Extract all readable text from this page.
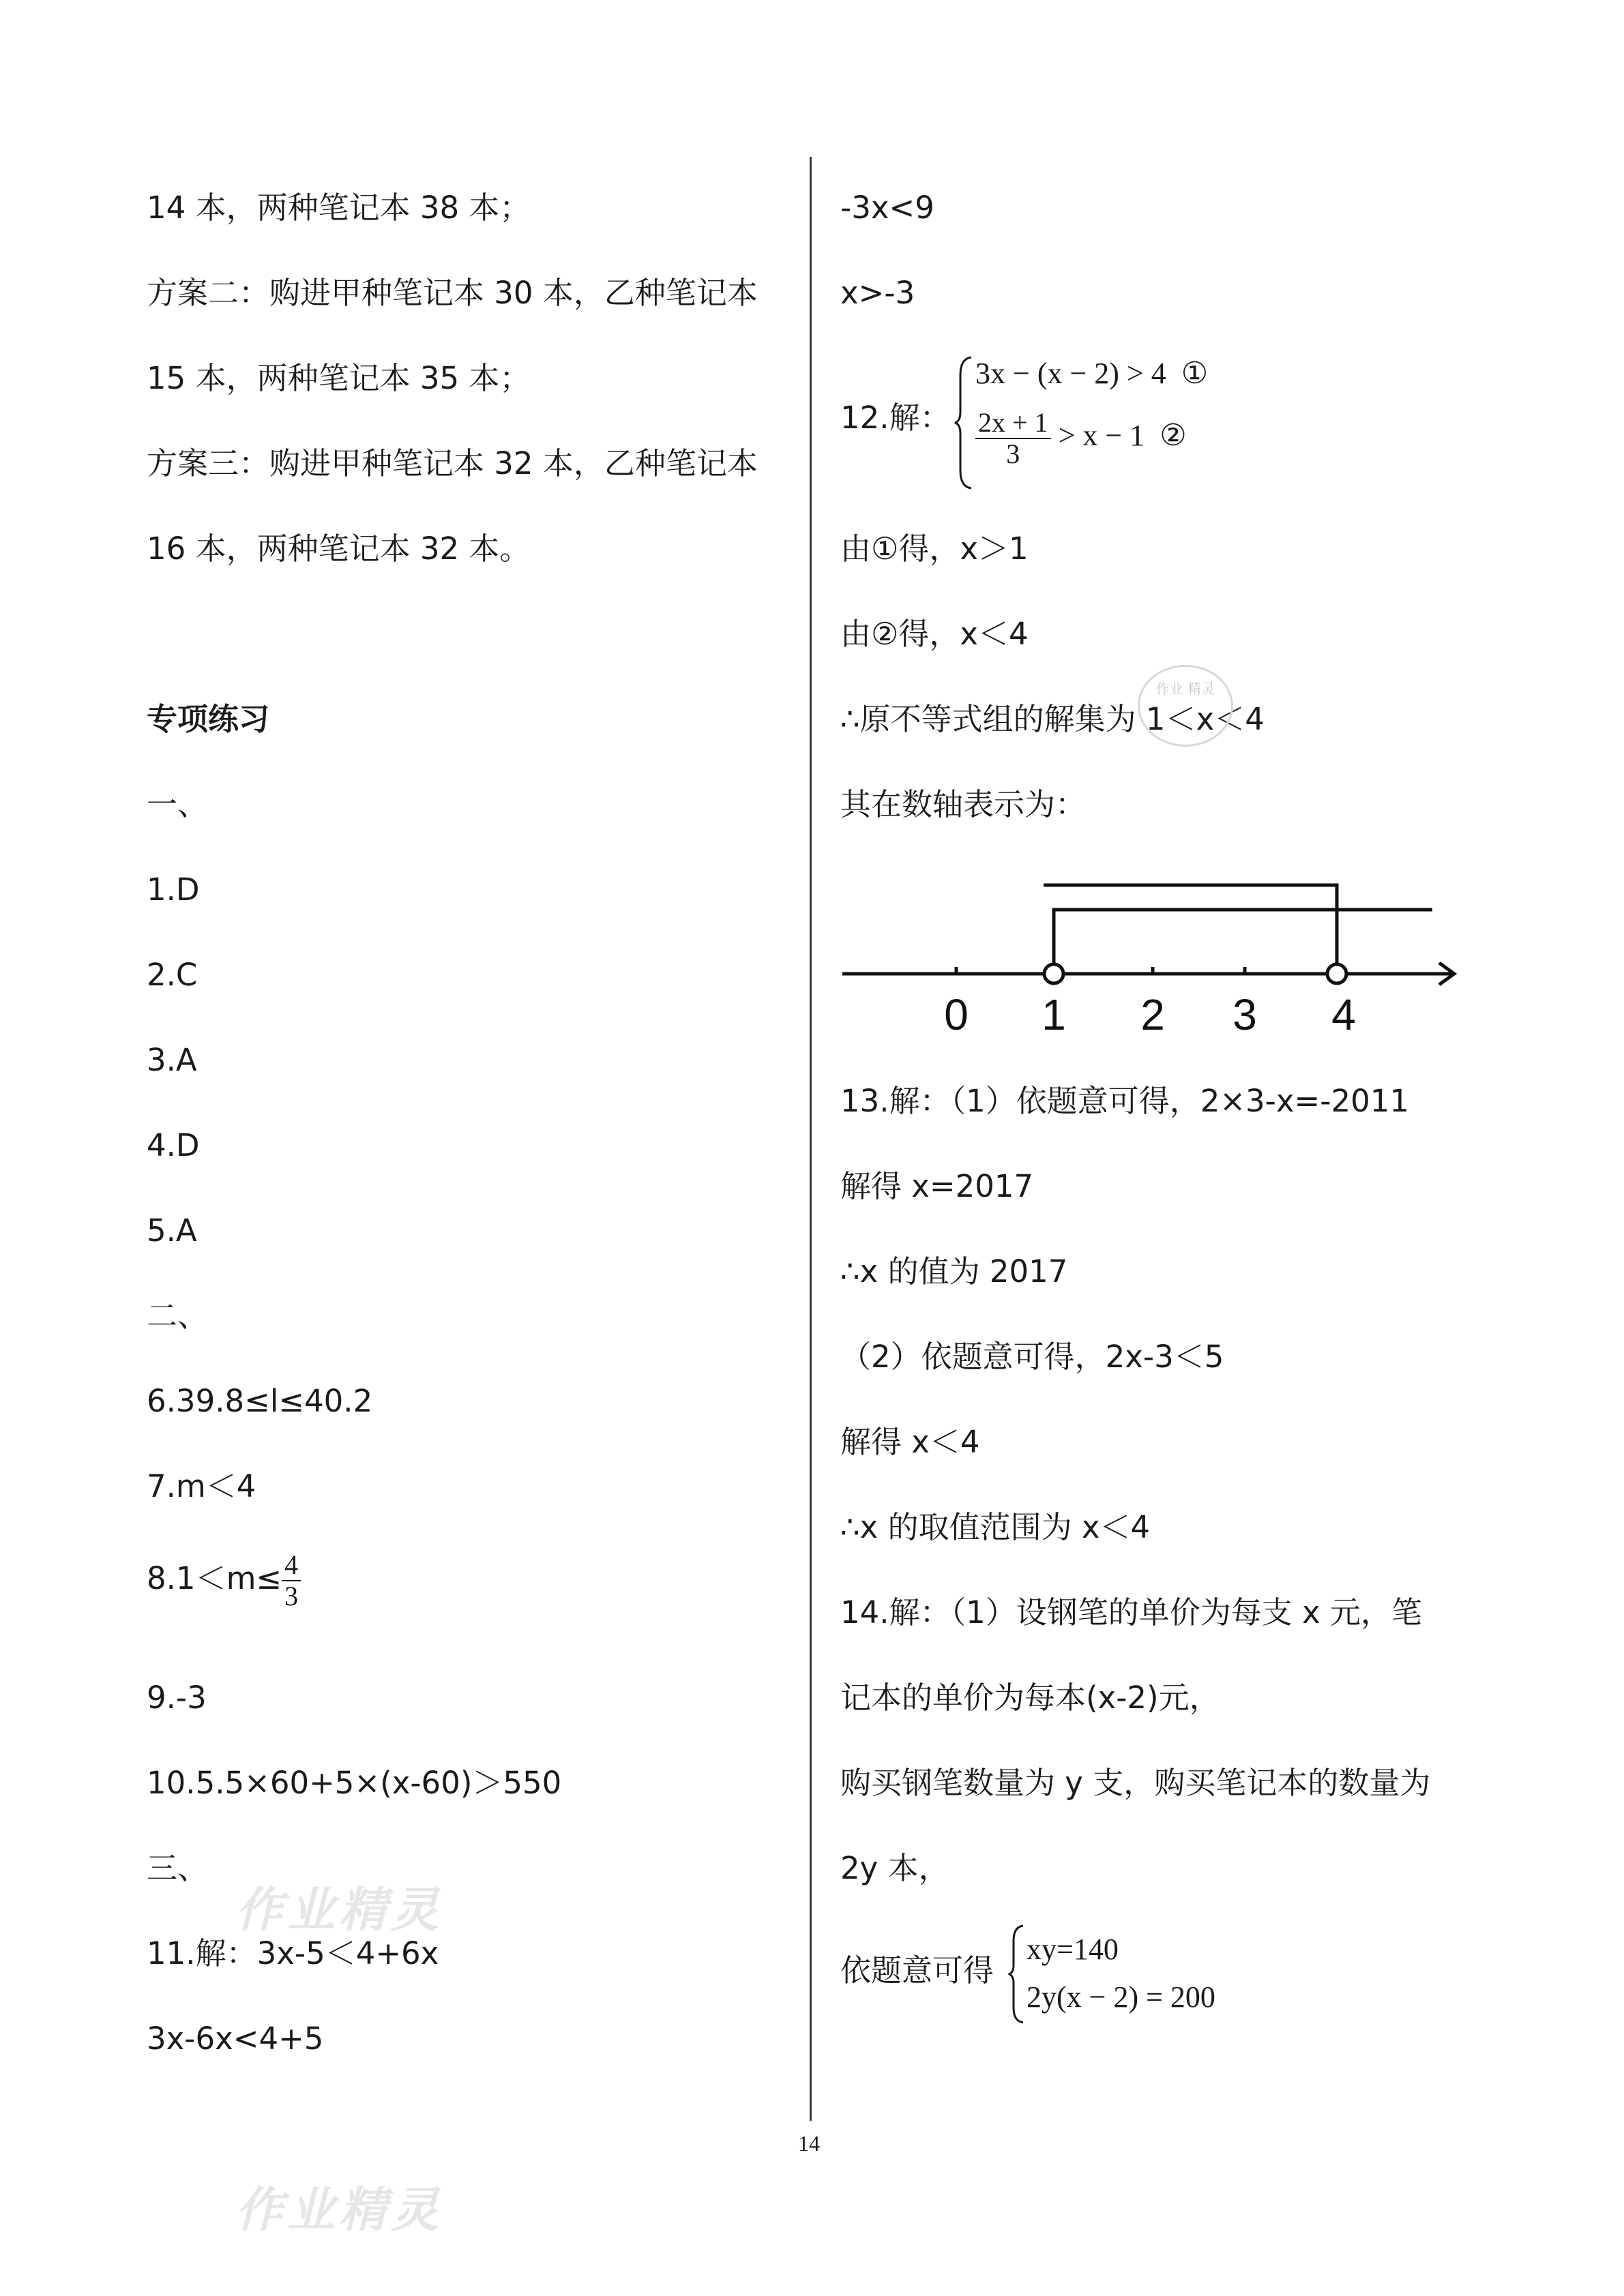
14 本，两种笔记本 38 本；
方案二：购进甲种笔记本 30 本，乙种笔记本
15 本，两种笔记本 35 本；
方案三：购进甲种笔记本 32 本，乙种笔记本
16 本，两种笔记本 32 本。
专项练习
一、
1.D
2.C
3.A
4.D
5.A
二、
6.39.8≤l≤40.2
7.m＜4
$8.1<m\le \frac{4}{3}$
9.-3
10.5.5×60+5×(x-60)＞550
三、
11.解：3x-5＜4+6x
3x-6x<4+5
-3x<9
x>-3
12.解：
3x − (x − 2) > 4 ①
$\frac{2x + 1}{3} > x - 1$ ②
由①得，x＞1
由②得，x＜4
∴原不等式组的解集为 1＜x＜4
作业 精灵
其在数轴表示为：
0 1 2 3 4
13.解：（1）依题意可得，2×3-x=-2011
解得 x=2017
∴x 的值为 2017
（2）依题意可得，2x-3＜5
解得 x＜4
∴x 的取值范围为 x＜4
14.解：（1）设钢笔的单价为每支 x 元，笔
记本的单价为每本(x-2)元，
购买钢笔数量为 y 支，购买笔记本的数量为
2y 本，
依题意可得
xy=140
2y(x − 2) = 200
14
作业精灵
作业精灵
